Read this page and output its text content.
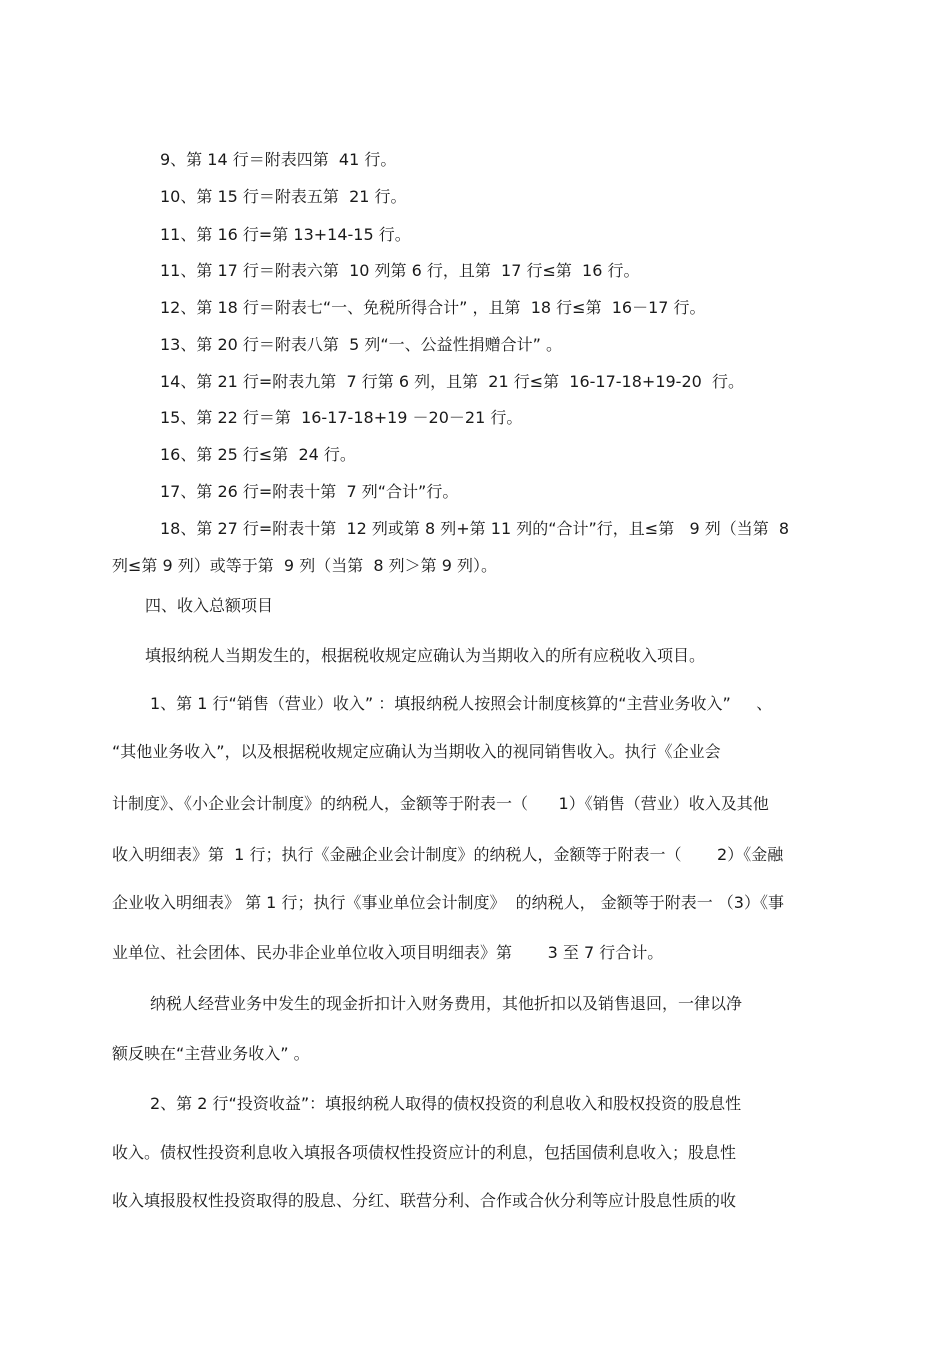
9、第 14 行＝附表四第  41 行。
10、第 15 行＝附表五第  21 行。
11、第 16 行=第 13+14-15 行。
11、第 17 行＝附表六第  10 列第 6 行，且第  17 行≤第  16 行。
12、第 18 行＝附表七“一、免税所得合计” ，且第  18 行≤第  16－17 行。
13、第 20 行＝附表八第  5 列“一、公益性捐赠合计” 。
14、第 21 行=附表九第  7 行第 6 列，且第  21 行≤第  16-17-18+19-20  行。
15、第 22 行＝第  16-17-18+19 －20－21 行。
16、第 25 行≤第  24 行。
17、第 26 行=附表十第  7 列“合计”行。
18、第 27 行=附表十第  12 列或第 8 列+第 11 列的“合计”行，且≤第   9 列（当第  8
列≤第 9 列）或等于第  9 列（当第  8 列＞第 9 列）。
四、收入总额项目
填报纳税人当期发生的，根据税收规定应确认为当期收入的所有应税收入项目。
1、第 1 行“销售（营业）收入” ：填报纳税人按照会计制度核算的“主营业务收入”     、
“其他业务收入”，以及根据税收规定应确认为当期收入的视同销售收入。执行《企业会
计制度》、《小企业会计制度》的纳税人，金额等于附表一（      1）《销售（营业）收入及其他
收入明细表》第  1 行；执行《金融企业会计制度》的纳税人，金额等于附表一（       2）《金融
企业收入明细表》 第 1 行；执行《事业单位会计制度》  的纳税人， 金额等于附表一 （3）《事
业单位、社会团体、民办非企业单位收入项目明细表》第       3 至 7 行合计。
纳税人经营业务中发生的现金折扣计入财务费用，其他折扣以及销售退回，一律以净
额反映在“主营业务收入” 。
2、第 2 行“投资收益”：填报纳税人取得的债权投资的利息收入和股权投资的股息性
收入。债权性投资利息收入填报各项债权性投资应计的利息，包括国债利息收入；股息性
收入填报股权性投资取得的股息、分红、联营分利、合作或合伙分利等应计股息性质的收
